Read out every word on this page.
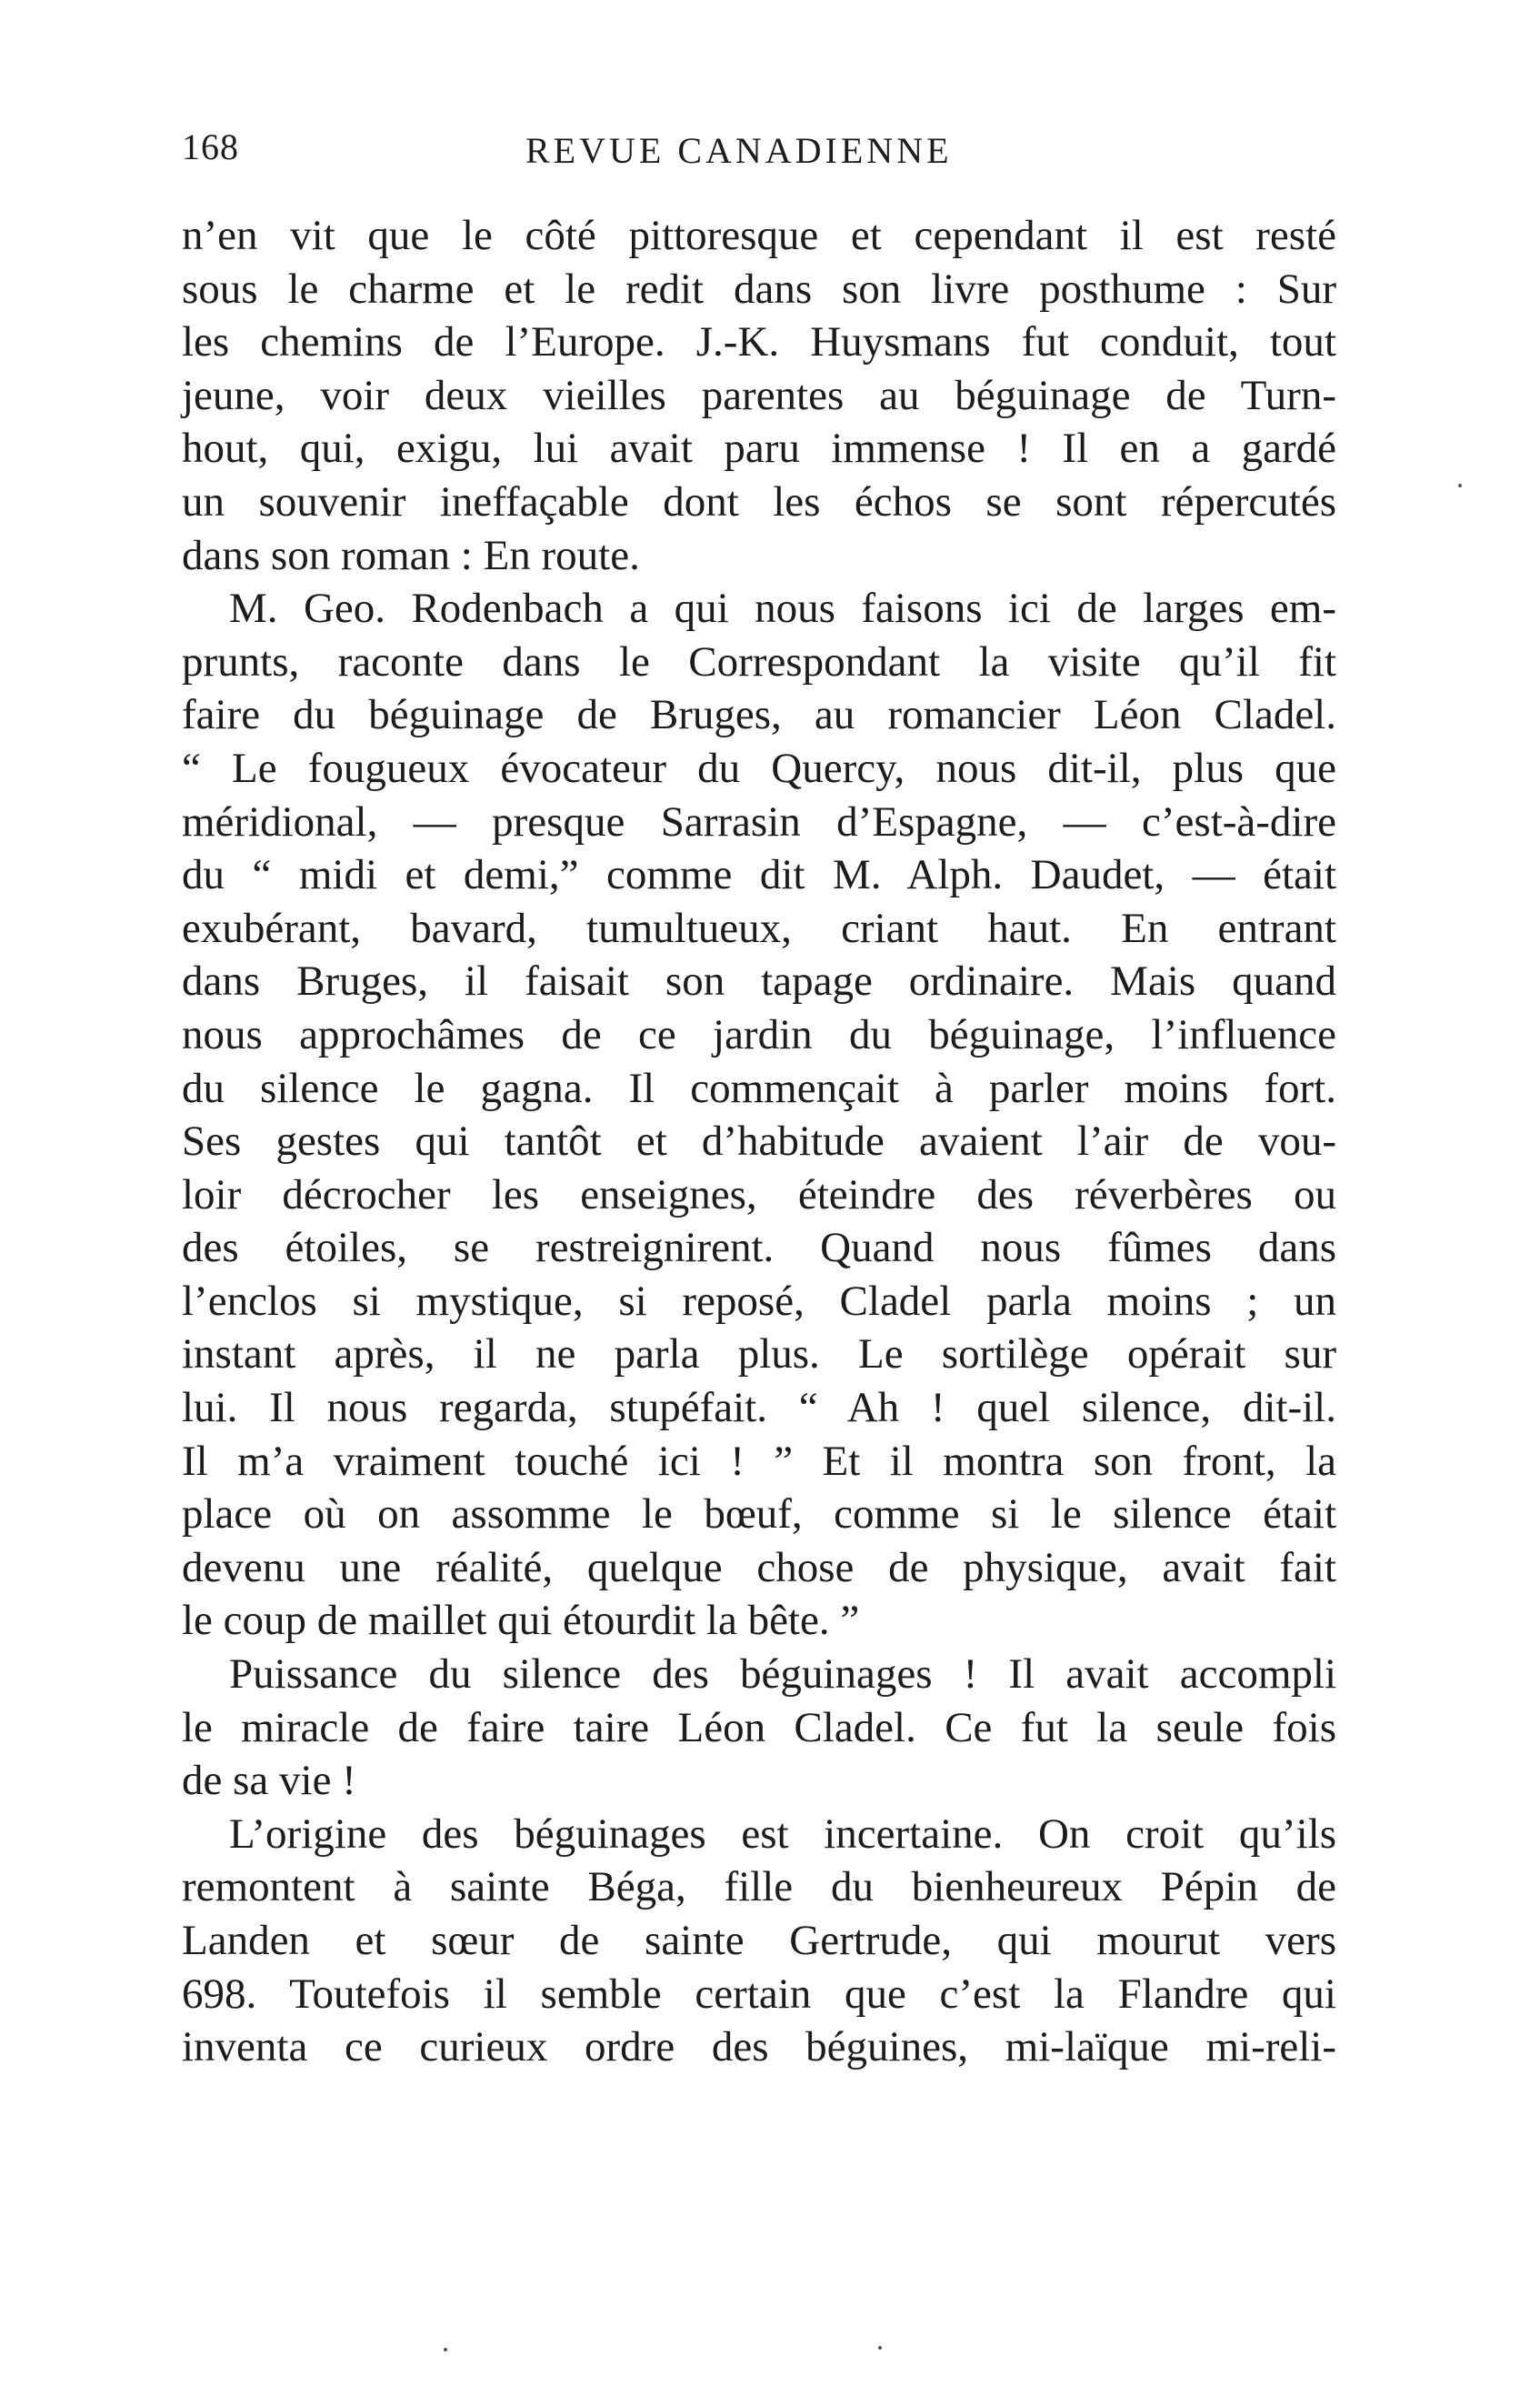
168	REVUE CANADIENNE
n’en vit que le côté pittoresque et cependant il est resté
sous le charme et le redit dans son livre posthume : Sur
les chemins de l’Europe. J.-K. Huysmans fut conduit, tout
jeune, voir deux vieilles parentes au béguinage de Turn-
hout, qui, exigu, lui avait paru immense ! Il en a gardé
un souvenir ineffaçable dont les échos se sont répercutés
dans son roman : En route.
M. Geo. Rodenbach a qui nous faisons ici de larges em-
prunts, raconte dans le Correspondant la visite qu’il fit
faire du béguinage de Bruges, au romancier Léon Cladel.
“ Le fougueux évocateur du Quercy, nous dit-il, plus que
méridional, — presque Sarrasin d’Espagne, — c’est-à-dire
du “ midi et demi,” comme dit M. Alph. Daudet, — était
exubérant, bavard, tumultueux, criant haut. En entrant
dans Bruges, il faisait son tapage ordinaire. Mais quand
nous approchâmes de ce jardin du béguinage, l’influence
du silence le gagna. Il commençait à parler moins fort.
Ses gestes qui tantôt et d’habitude avaient l’air de vou-
loir décrocher les enseignes, éteindre des réverbères ou
des étoiles, se restreignirent. Quand nous fûmes dans
l’enclos si mystique, si reposé, Cladel parla moins ; un
instant après, il ne parla plus. Le sortilège opérait sur
lui. Il nous regarda, stupéfait. “ Ah ! quel silence, dit-il.
Il m’a vraiment touché ici ! ” Et il montra son front, la
place où on assomme le bœuf, comme si le silence était
devenu une réalité, quelque chose de physique, avait fait
le coup de maillet qui étourdit la bête. ”
Puissance du silence des béguinages ! Il avait accompli
le miracle de faire taire Léon Cladel. Ce fut la seule fois
de sa vie !
L’origine des béguinages est incertaine. On croit qu’ils
remontent à sainte Béga, fille du bienheureux Pépin de
Landen et sœur de sainte Gertrude, qui mourut vers
698. Toutefois il semble certain que c’est la Flandre qui
inventa ce curieux ordre des béguines, mi-laïque mi-reli-
